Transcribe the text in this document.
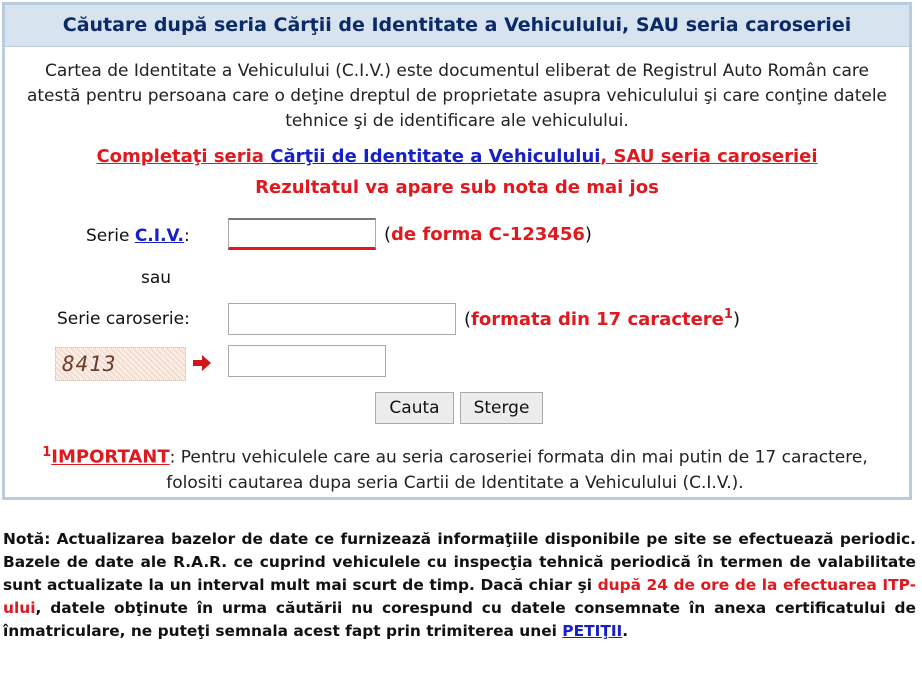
Căutare după seria Cărţii de Identitate a Vehiculului, SAU seria caroseriei
Cartea de Identitate a Vehiculului (C.I.V.) este documentul eliberat de Registrul Auto Român care atestă pentru persoana care o deţine dreptul de proprietate asupra vehiculului şi care conţine datele tehnice şi de identificare ale vehiculului.
Completaţi seria Cărţii de Identitate a Vehiculului, SAU seria caroseriei
Rezultatul va apare sub nota de mai jos
Serie C.I.V.:	(de forma C-123456)
sau
Serie caroserie:	(formata din 17 caractere$^1$)
8413
Cauta	Sterge
$^1$IMPORTANT: Pentru vehiculele care au seria caroseriei formata din mai putin de 17 caractere, folositi cautarea dupa seria Cartii de Identitate a Vehiculului (C.I.V.).
Notă: Actualizarea bazelor de date ce furnizează informaţiile disponibile pe site se efectuează periodic. Bazele de date ale R.A.R. ce cuprind vehiculele cu inspecţia tehnică periodică în termen de valabilitate sunt actualizate la un interval mult mai scurt de timp. Dacă chiar şi după 24 de ore de la efectuarea ITP-ului, datele obţinute în urma căutării nu corespund cu datele consemnate în anexa certificatului de înmatriculare, ne puteţi semnala acest fapt prin trimiterea unei PETIŢII.
